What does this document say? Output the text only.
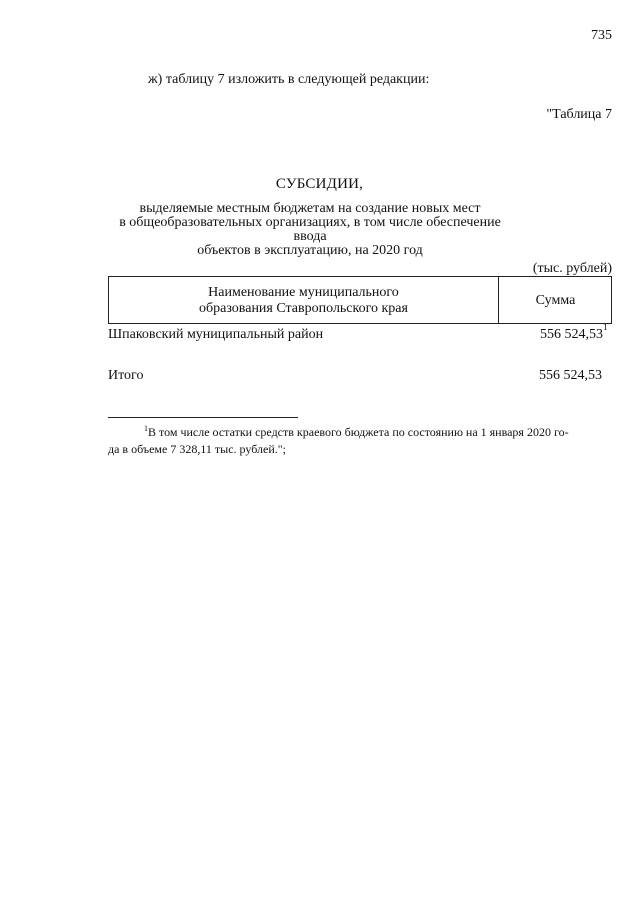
735
ж) таблицу 7 изложить в следующей редакции:
"Таблица 7
СУБСИДИИ,
выделяемые местным бюджетам на создание новых мест
в общеобразовательных организациях, в том числе обеспечение ввода
объектов в эксплуатацию, на 2020 год
(тыс. рублей)
Наименование муниципального
образования Ставропольского края
Сумма
Шпаковский муниципальный район	556 524,53 1
Итого	556 524,53
$^1$В том числе остатки средств краевого бюджета по состоянию на 1 января 2020 го-
да в объеме 7 328,11 тыс. рублей.";
